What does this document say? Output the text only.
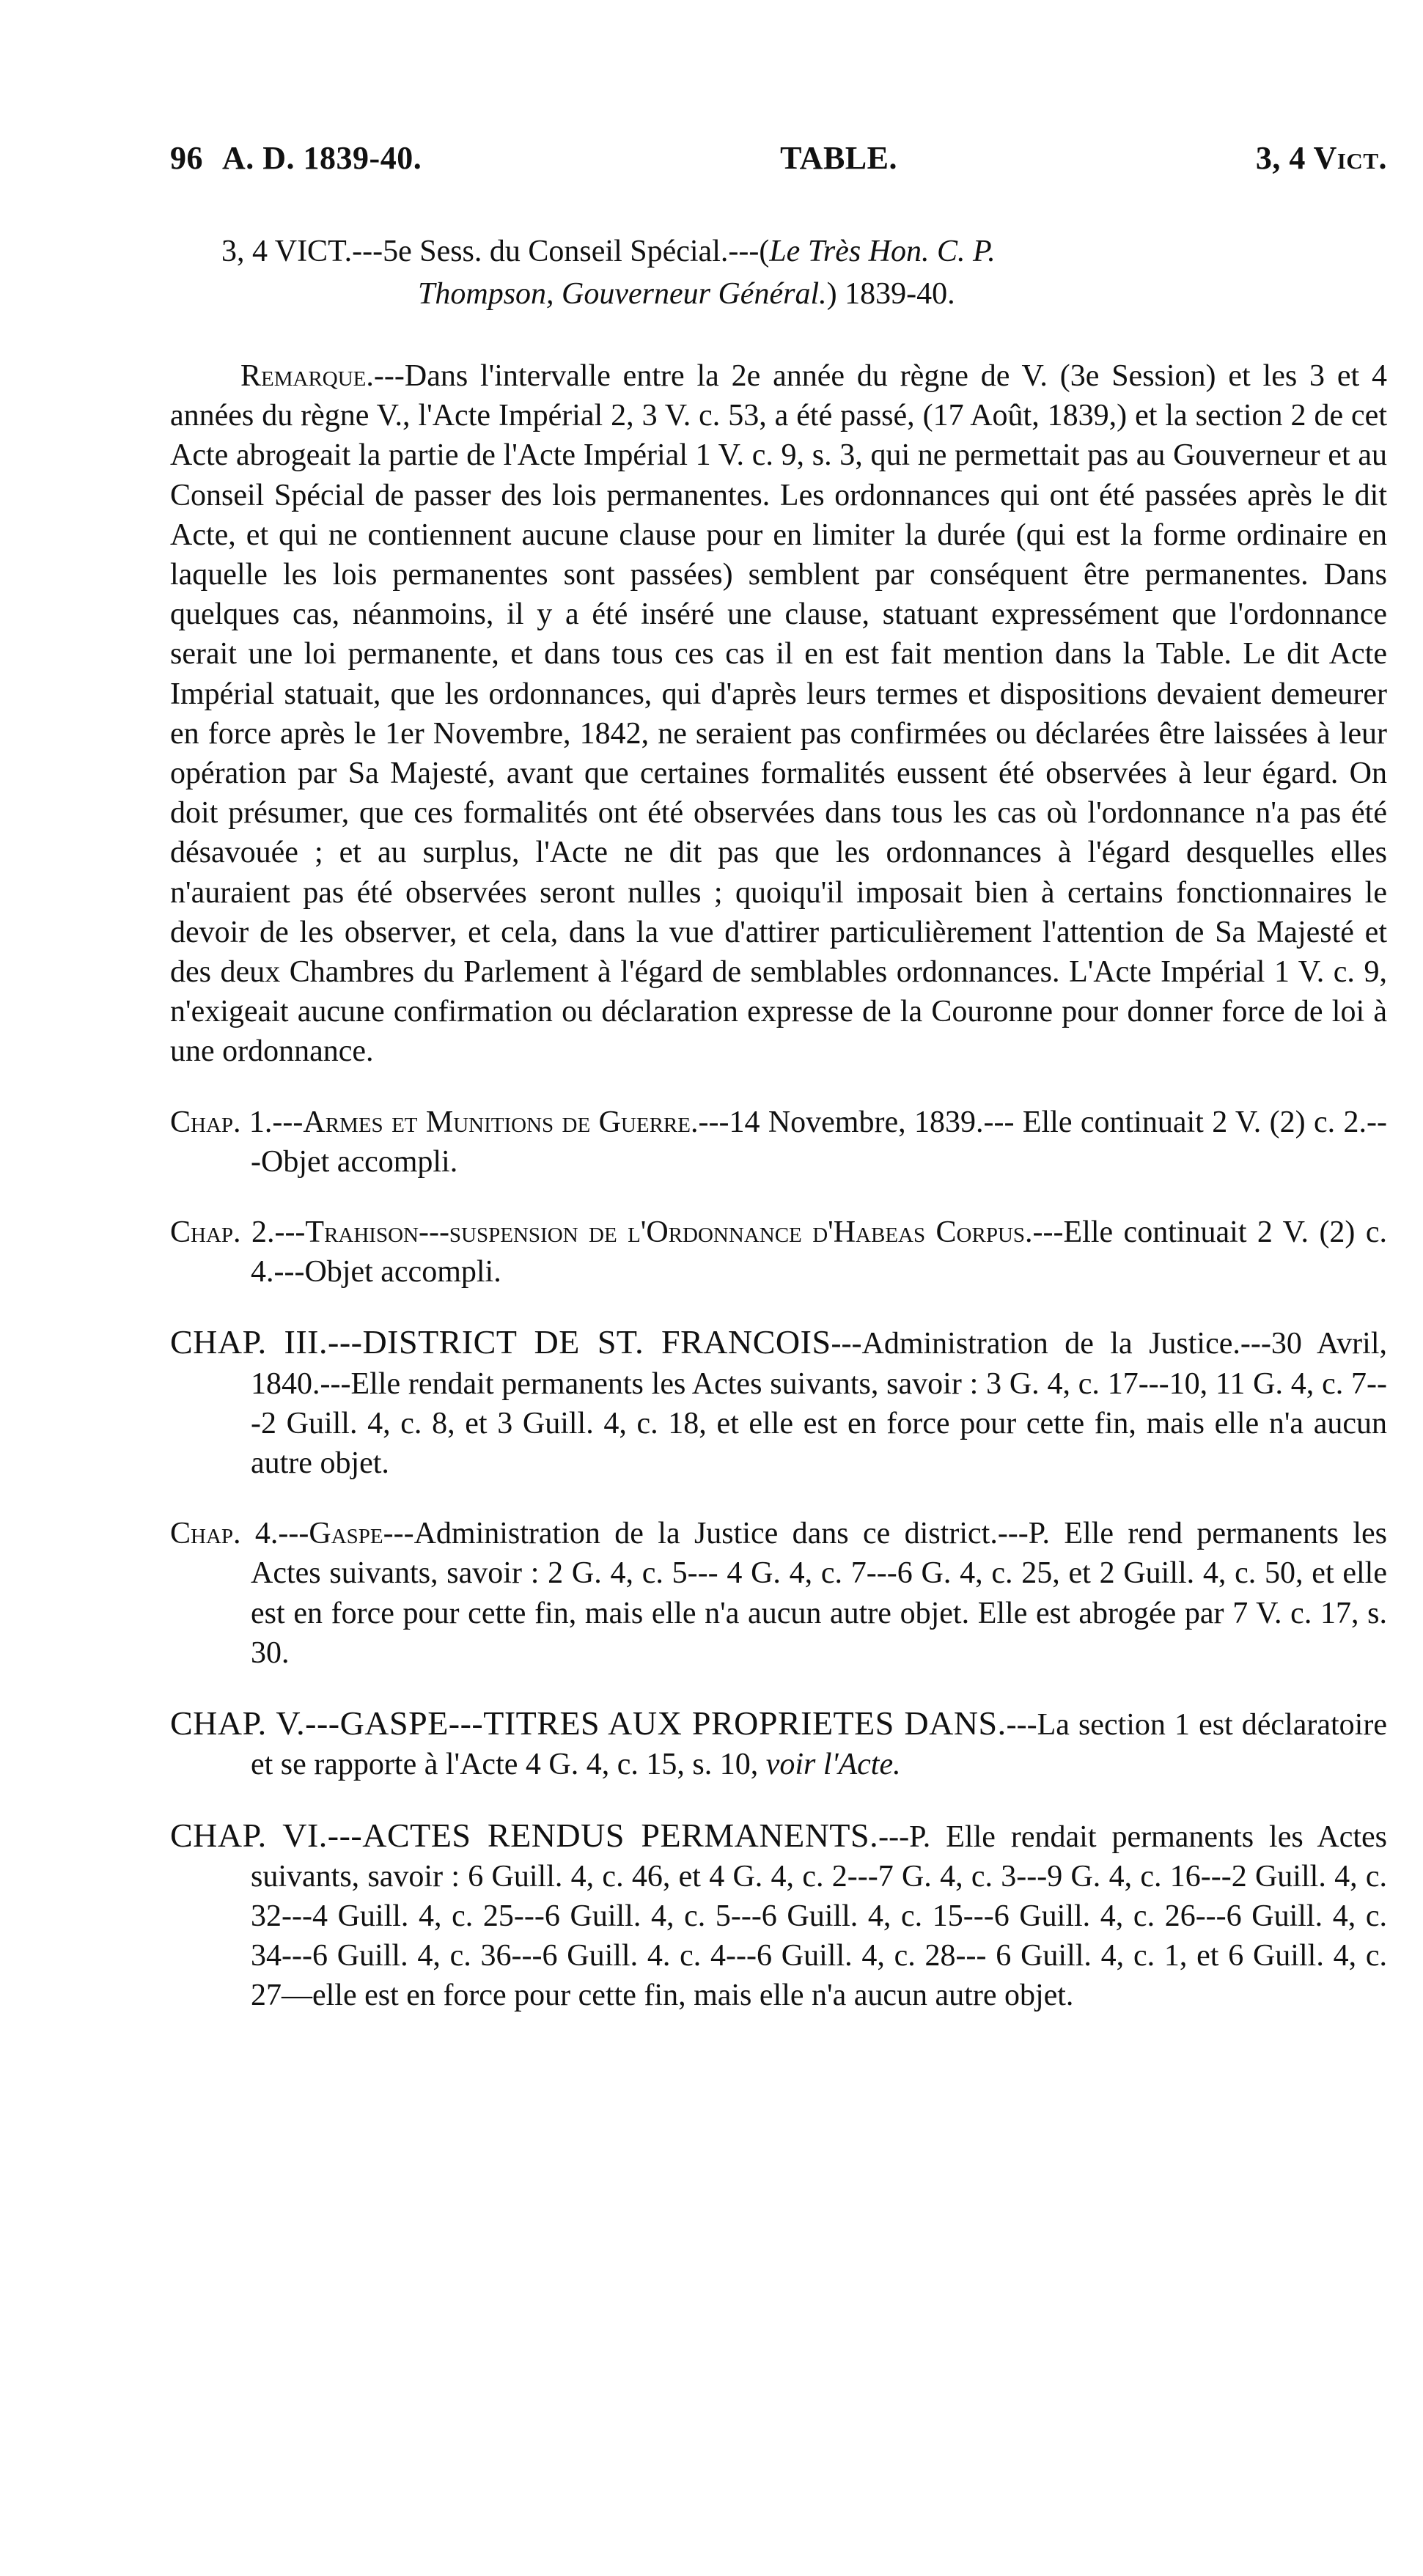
96 A. D. 1839-40.	TABLE.	3, 4 Vict.
3, 4 VICT.---5e Sess. du Conseil Spécial.---(Le Très Hon. C. P.
Thompson, Gouverneur Général.) 1839-40.

Remarque.---Dans l'intervalle entre la 2e année du règne de V. (3e Session) et les 3 et 4 années du règne V., l'Acte Impérial 2, 3 V. c. 53, a été passé, (17 Août, 1839,) et la section 2 de cet Acte abrogeait la partie de l'Acte Impérial 1 V. c. 9, s. 3, qui ne permettait pas au Gouverneur et au Conseil Spécial de passer des lois permanentes. Les ordonnances qui ont été passées après le dit Acte, et qui ne contiennent aucune clause pour en limiter la durée (qui est la forme ordinaire en laquelle les lois permanentes sont passées) semblent par conséquent être permanentes. Dans quelques cas, néanmoins, il y a été inséré une clause, statuant expressément que l'ordonnance serait une loi permanente, et dans tous ces cas il en est fait mention dans la Table. Le dit Acte Impérial statuait, que les ordonnances, qui d'après leurs termes et dispositions devaient demeurer en force après le 1er Novembre, 1842, ne seraient pas confirmées ou déclarées être laissées à leur opération par Sa Majesté, avant que certaines formalités eussent été observées à leur égard. On doit présumer, que ces formalités ont été observées dans tous les cas où l'ordonnance n'a pas été désavouée ; et au surplus, l'Acte ne dit pas que les ordonnances à l'égard desquelles elles n'auraient pas été observées seront nulles ; quoiqu'il imposait bien à certains fonctionnaires le devoir de les observer, et cela, dans la vue d'attirer particulièrement l'attention de Sa Majesté et des deux Chambres du Parlement à l'égard de semblables ordonnances. L'Acte Impérial 1 V. c. 9, n'exigeait aucune confirmation ou déclaration expresse de la Couronne pour donner force de loi à une ordonnance.

Chap. 1.---Armes et Munitions de Guerre.---14 Novembre, 1839.--- Elle continuait 2 V. (2) c. 2.---Objet accompli.

Chap. 2.---Trahison---suspension de l'Ordonnance d'Habeas Corpus.---Elle continuait 2 V. (2) c. 4.---Objet accompli.

CHAP. III.---DISTRICT DE ST. FRANCOIS---Administration de la Justice.---30 Avril, 1840.---Elle rendait permanents les Actes suivants, savoir : 3 G. 4, c. 17---10, 11 G. 4, c. 7---2 Guill. 4, c. 8, et 3 Guill. 4, c. 18, et elle est en force pour cette fin, mais elle n'a aucun autre objet.

Chap. 4.---Gaspe---Administration de la Justice dans ce district.---P. Elle rend permanents les Actes suivants, savoir : 2 G. 4, c. 5--- 4 G. 4, c. 7---6 G. 4, c. 25, et 2 Guill. 4, c. 50, et elle est en force pour cette fin, mais elle n'a aucun autre objet. Elle est abrogée par 7 V. c. 17, s. 30.

CHAP. V.---GASPE---TITRES AUX PROPRIETES DANS.---La section 1 est déclaratoire et se rapporte à l'Acte 4 G. 4, c. 15, s. 10, voir l'Acte.

CHAP. VI.---ACTES RENDUS PERMANENTS.---P. Elle rendait permanents les Actes suivants, savoir : 6 Guill. 4, c. 46, et 4 G. 4, c. 2---7 G. 4, c. 3---9 G. 4, c. 16---2 Guill. 4, c. 32---4 Guill. 4, c. 25---6 Guill. 4, c. 5---6 Guill. 4, c. 15---6 Guill. 4, c. 26---6 Guill. 4, c. 34---6 Guill. 4, c. 36---6 Guill. 4. c. 4---6 Guill. 4, c. 28--- 6 Guill. 4, c. 1, et 6 Guill. 4, c. 27—elle est en force pour cette fin, mais elle n'a aucun autre objet.
